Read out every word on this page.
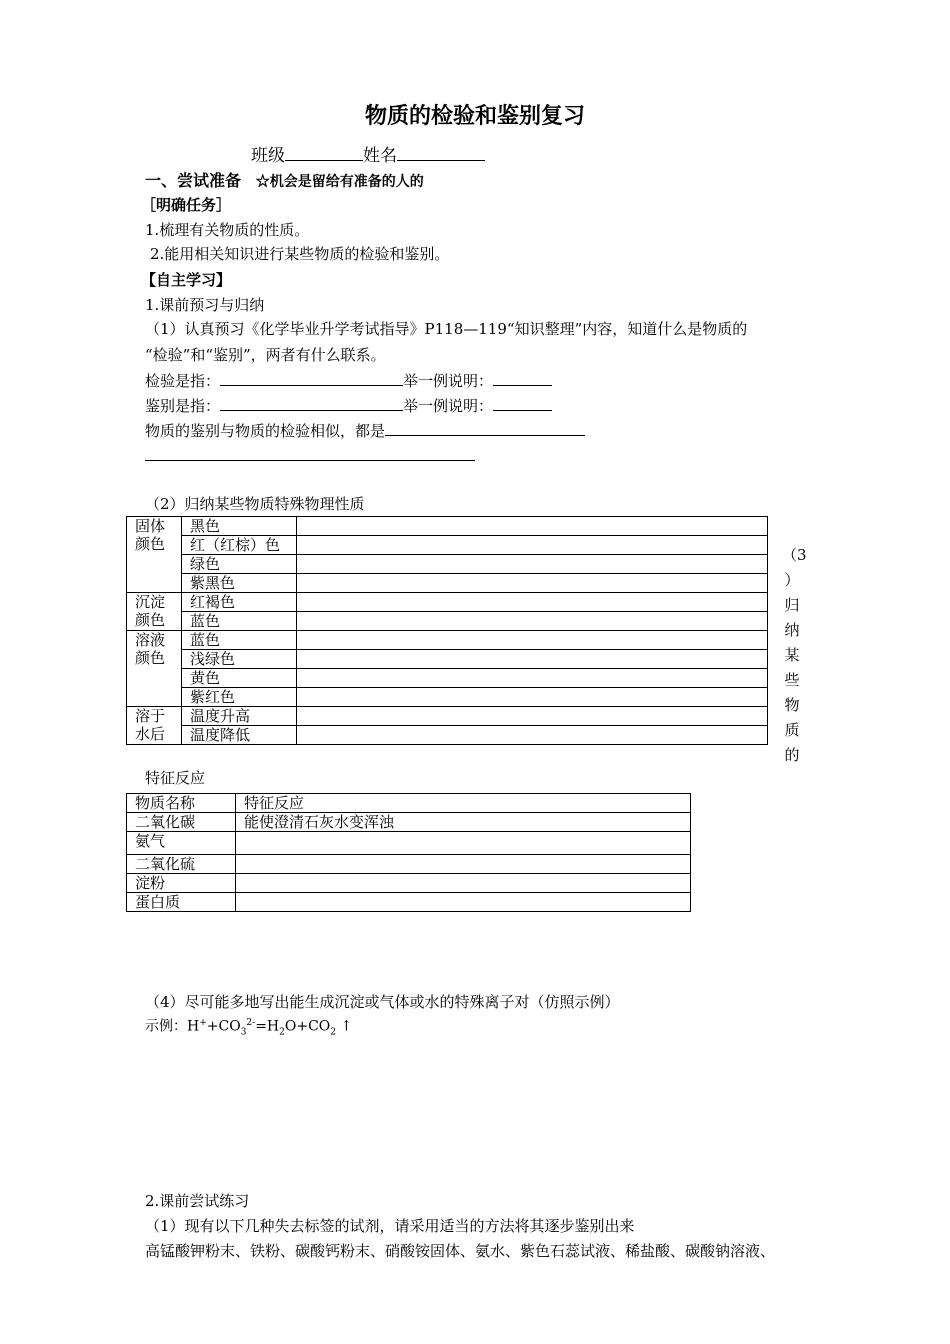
物质的检验和鉴别复习
班级	姓名
一、尝试准备 ☆机会是留给有准备的人的
［明确任务］
1.梳理有关物质的性质。
2.能用相关知识进行某些物质的检验和鉴别。
【自主学习】
1.课前预习与归纳
（1）认真预习《化学毕业升学考试指导》P118—119“知识整理”内容，知道什么是物质的
“检验”和“鉴别”，两者有什么联系。
检验是指：	举一例说明：
鉴别是指：	举一例说明：
物质的鉴别与物质的检验相似，都是
（2）归纳某些物质特殊物理性质
固体
颜色	黑色	
	红（红棕）色	
	绿色	
	紫黑色	
沉淀
颜色	红褐色	
	蓝色	
溶液
颜色	蓝色	
	浅绿色	
	黄色	
	紫红色	
溶于
水后	温度升高	
	温度降低	
（3
）
归
纳
某
些
物
质
的
特征反应
物质名称	特征反应
二氧化碳	能使澄清石灰水变浑浊
氨气	
二氧化硫	
淀粉	
蛋白质	
（4）尽可能多地写出能生成沉淀或气体或水的特殊离子对（仿照示例）
示例：$H^++CO_3^{2-}=H_2O+CO_2$ ↑
2.课前尝试练习
（1）现有以下几种失去标签的试剂，请采用适当的方法将其逐步鉴别出来
高锰酸钾粉末、铁粉、碳酸钙粉末、硝酸铵固体、氨水、紫色石蕊试液、稀盐酸、碳酸钠溶液、
